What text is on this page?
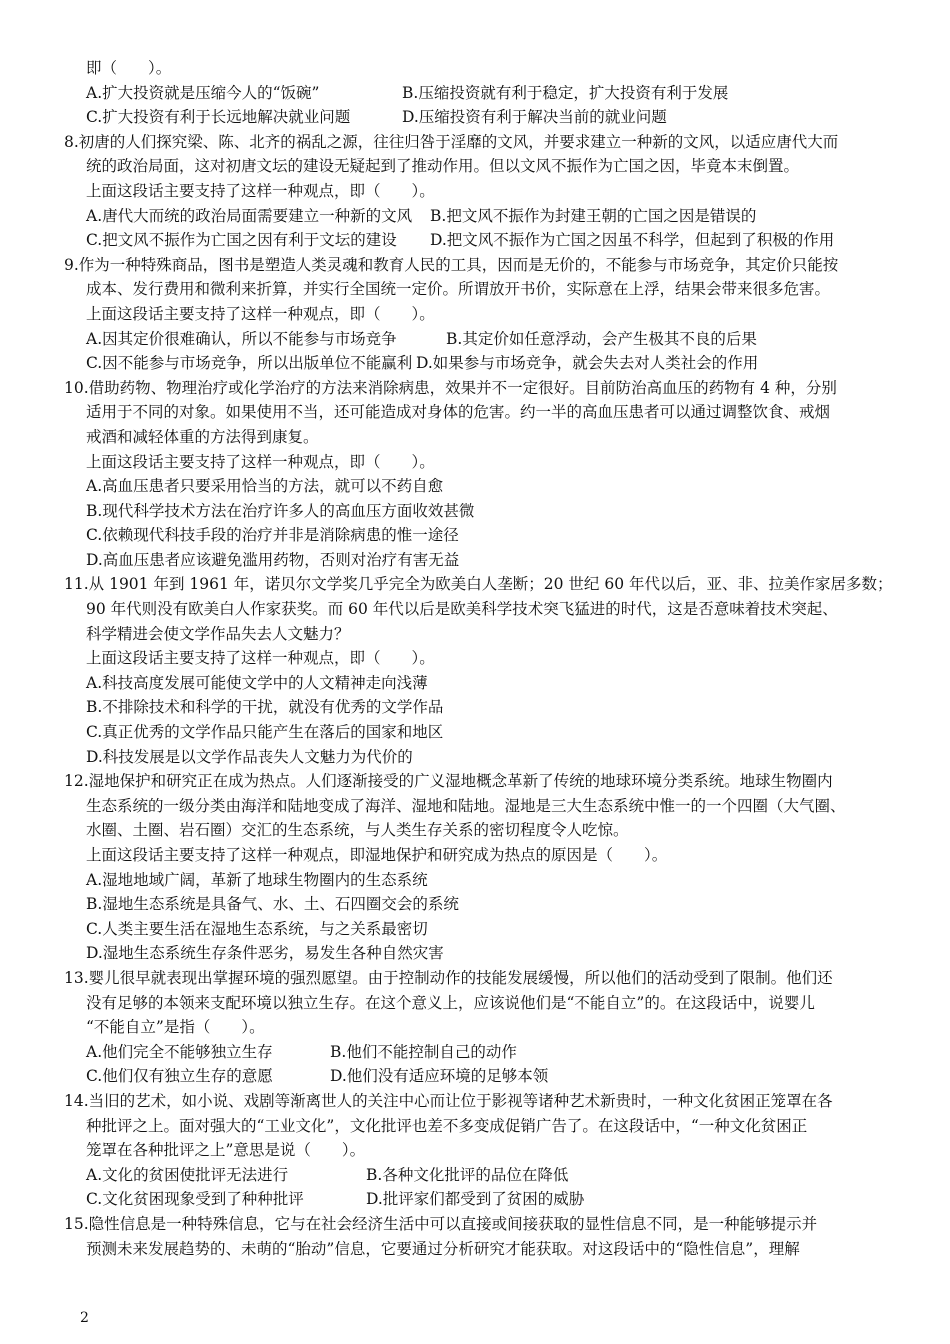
即（　　）。
A.扩大投资就是压缩今人的“饭碗”	B.压缩投资就有利于稳定，扩大投资有利于发展
C.扩大投资有利于长远地解决就业问题	D.压缩投资有利于解决当前的就业问题
8.初唐的人们探究梁、陈、北齐的祸乱之源，往往归咎于淫靡的文风，并要求建立一种新的文风，以适应唐代大而
统的政治局面，这对初唐文坛的建设无疑起到了推动作用。但以文风不振作为亡国之因，毕竟本末倒置。
上面这段话主要支持了这样一种观点，即（　　）。
A.唐代大而统的政治局面需要建立一种新的文风	B.把文风不振作为封建王朝的亡国之因是错误的
C.把文风不振作为亡国之因有利于文坛的建设	D.把文风不振作为亡国之因虽不科学，但起到了积极的作用
9.作为一种特殊商品，图书是塑造人类灵魂和教育人民的工具，因而是无价的，不能参与市场竞争，其定价只能按
成本、发行费用和微利来折算，并实行全国统一定价。所谓放开书价，实际意在上浮，结果会带来很多危害。
上面这段话主要支持了这样一种观点，即（　　）。
A.因其定价很难确认，所以不能参与市场竞争	B.其定价如任意浮动，会产生极其不良的后果
C.因不能参与市场竞争，所以出版单位不能赢利 D.如果参与市场竞争，就会失去对人类社会的作用
10.借助药物、物理治疗或化学治疗的方法来消除病患，效果并不一定很好。目前防治高血压的药物有 4 种，分别
适用于不同的对象。如果使用不当，还可能造成对身体的危害。约一半的高血压患者可以通过调整饮食、戒烟
戒酒和减轻体重的方法得到康复。
上面这段话主要支持了这样一种观点，即（　　）。
A.高血压患者只要采用恰当的方法，就可以不药自愈
B.现代科学技术方法在治疗许多人的高血压方面收效甚微
C.依赖现代科技手段的治疗并非是消除病患的惟一途径
D.高血压患者应该避免滥用药物，否则对治疗有害无益
11.从 1901 年到 1961 年，诺贝尔文学奖几乎完全为欧美白人垄断；20 世纪 60 年代以后，亚、非、拉美作家居多数；
90 年代则没有欧美白人作家获奖。而 60 年代以后是欧美科学技术突飞猛进的时代，这是否意味着技术突起、
科学精进会使文学作品失去人文魅力？
上面这段话主要支持了这样一种观点，即（　　）。
A.科技高度发展可能使文学中的人文精神走向浅薄
B.不排除技术和科学的干扰，就没有优秀的文学作品
C.真正优秀的文学作品只能产生在落后的国家和地区
D.科技发展是以文学作品丧失人文魅力为代价的
12.湿地保护和研究正在成为热点。人们逐渐接受的广义湿地概念革新了传统的地球环境分类系统。地球生物圈内
生态系统的一级分类由海洋和陆地变成了海洋、湿地和陆地。湿地是三大生态系统中惟一的一个四圈（大气圈、
水圈、土圈、岩石圈）交汇的生态系统，与人类生存关系的密切程度令人吃惊。
上面这段话主要支持了这样一种观点，即湿地保护和研究成为热点的原因是（　　）。
A.湿地地域广阔，革新了地球生物圈内的生态系统
B.湿地生态系统是具备气、水、土、石四圈交会的系统
C.人类主要生活在湿地生态系统，与之关系最密切
D.湿地生态系统生存条件恶劣，易发生各种自然灾害
13.婴儿很早就表现出掌握环境的强烈愿望。由于控制动作的技能发展缓慢，所以他们的活动受到了限制。他们还
没有足够的本领来支配环境以独立生存。在这个意义上，应该说他们是“不能自立”的。在这段话中，说婴儿
“不能自立”是指（　　）。
A.他们完全不能够独立生存	B.他们不能控制自己的动作
C.他们仅有独立生存的意愿	D.他们没有适应环境的足够本领
14.当旧的艺术，如小说、戏剧等渐离世人的关注中心而让位于影视等诸种艺术新贵时，一种文化贫困正笼罩在各
种批评之上。面对强大的“工业文化”，文化批评也差不多变成促销广告了。在这段话中，“一种文化贫困正
笼罩在各种批评之上”意思是说（　　）。
A.文化的贫困使批评无法进行	B.各种文化批评的品位在降低
C.文化贫困现象受到了种种批评	D.批评家们都受到了贫困的威胁
15.隐性信息是一种特殊信息，它与在社会经济生活中可以直接或间接获取的显性信息不同，是一种能够提示并
预测未来发展趋势的、未萌的“胎动”信息，它要通过分析研究才能获取。对这段话中的“隐性信息”，理解
2
